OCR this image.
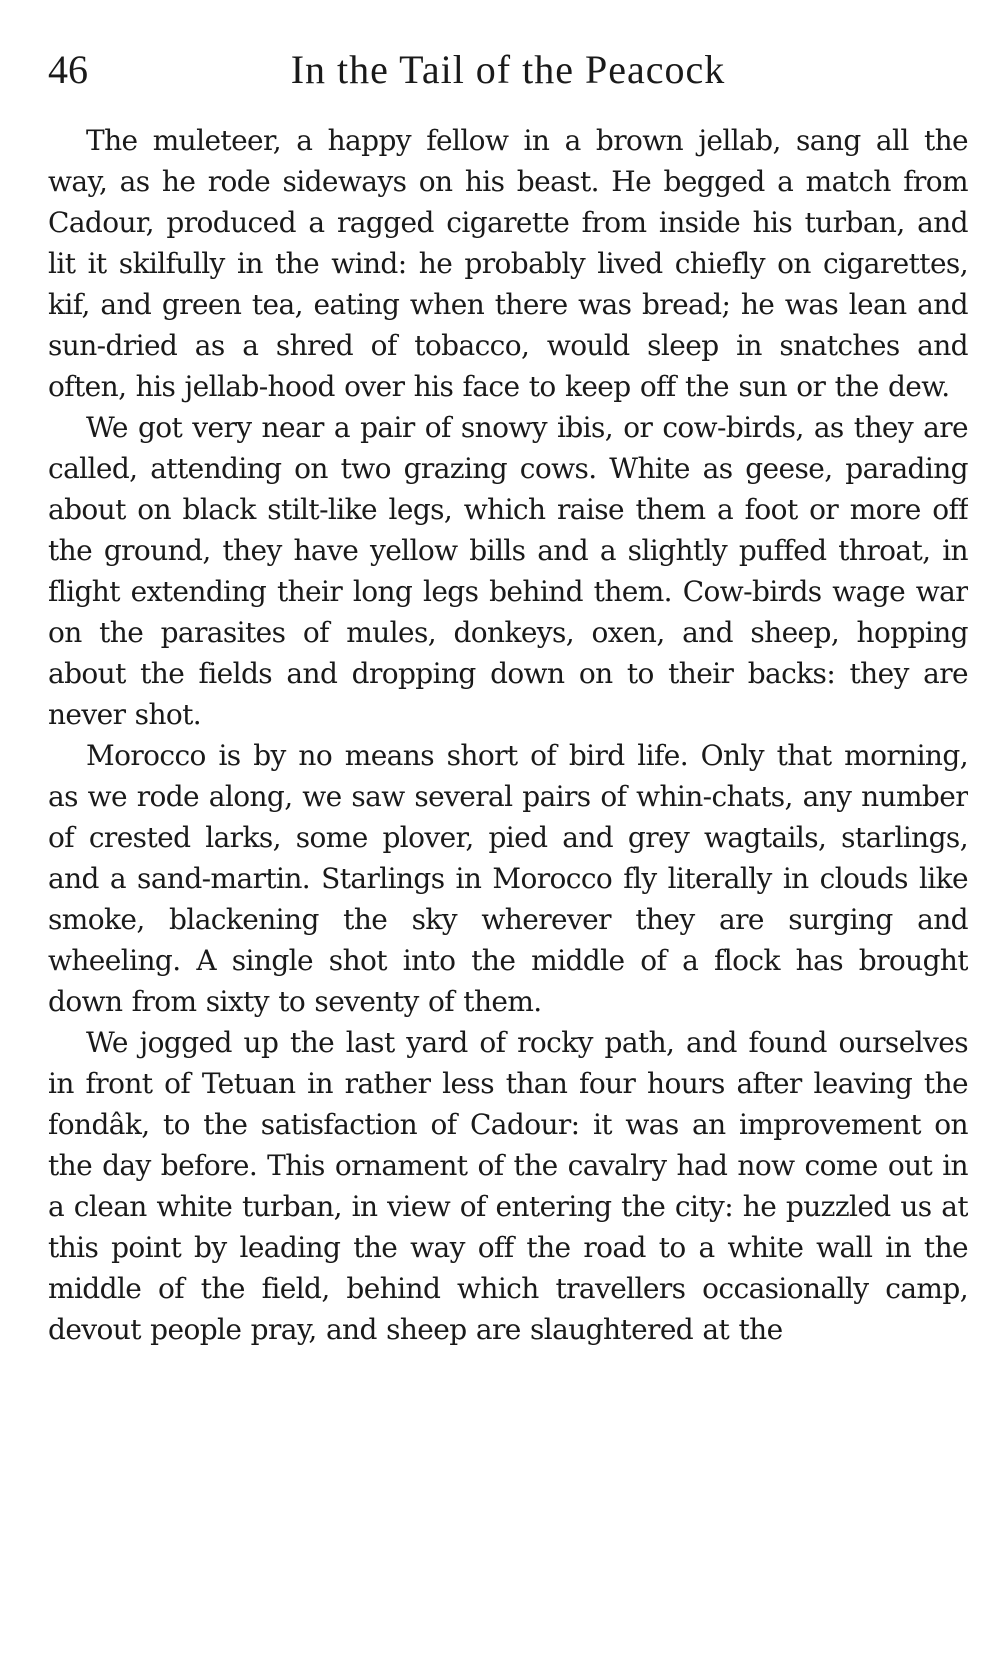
46	In the Tail of the Peacock

The muleteer, a happy fellow in a brown jellab, sang all the way, as he rode sideways on his beast. He begged a match from Cadour, produced a ragged cigarette from inside his turban, and lit it skilfully in the wind: he probably lived chiefly on cigarettes, kif, and green tea, eating when there was bread; he was lean and sun-dried as a shred of tobacco, would sleep in snatches and often, his jellab-hood over his face to keep off the sun or the dew.

We got very near a pair of snowy ibis, or cow-birds, as they are called, attending on two grazing cows. White as geese, parading about on black stilt-like legs, which raise them a foot or more off the ground, they have yellow bills and a slightly puffed throat, in flight extending their long legs behind them. Cow-birds wage war on the parasites of mules, donkeys, oxen, and sheep, hopping about the fields and dropping down on to their backs: they are never shot.

Morocco is by no means short of bird life. Only that morning, as we rode along, we saw several pairs of whin-chats, any number of crested larks, some plover, pied and grey wagtails, starlings, and a sand-martin. Starlings in Morocco fly literally in clouds like smoke, blackening the sky wherever they are surging and wheeling. A single shot into the middle of a flock has brought down from sixty to seventy of them.

We jogged up the last yard of rocky path, and found ourselves in front of Tetuan in rather less than four hours after leaving the fondâk, to the satisfaction of Cadour: it was an improvement on the day before. This ornament of the cavalry had now come out in a clean white turban, in view of entering the city: he puzzled us at this point by leading the way off the road to a white wall in the middle of the field, behind which travellers occasionally camp, devout people pray, and sheep are slaughtered at the
